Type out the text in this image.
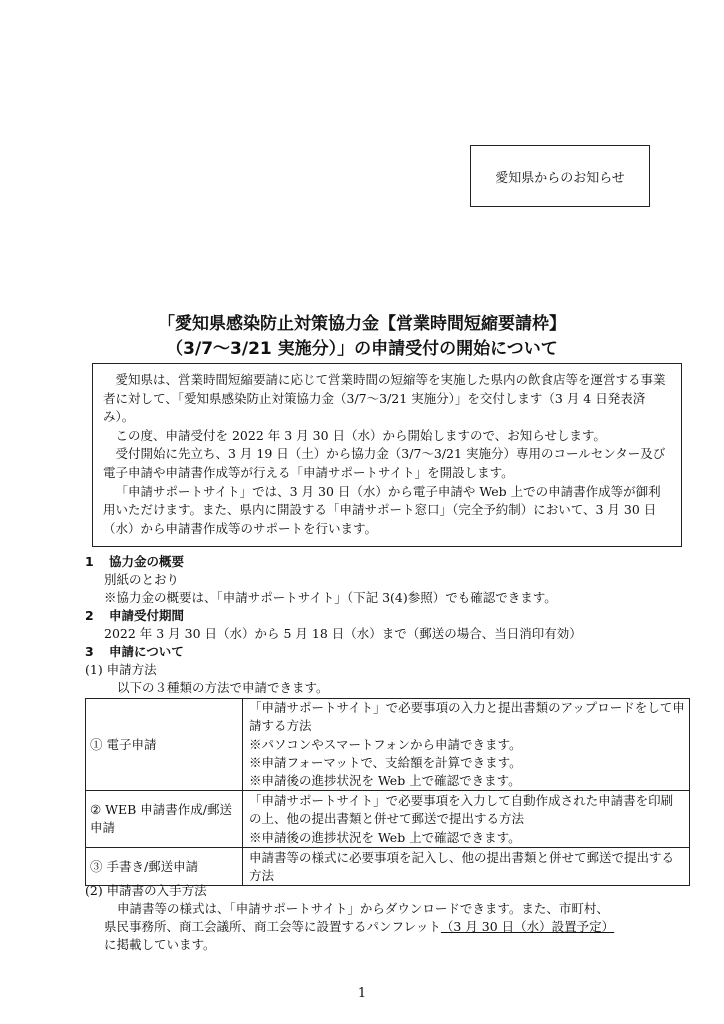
愛知県からのお知らせ
「愛知県感染防止対策協力金【営業時間短縮要請枠】
（3/7〜3/21 実施分）」の申請受付の開始について

愛知県は、営業時間短縮要請に応じて営業時間の短縮等を実施した県内の飲食店等を運営する事業者に対して、「愛知県感染防止対策協力金（3/7〜3/21 実施分）」を交付します（3 月 4 日発表済み）。

この度、申請受付を 2022 年 3 月 30 日（水）から開始しますので、お知らせします。

受付開始に先立ち、3 月 19 日（土）から協力金（3/7〜3/21 実施分）専用のコールセンター及び電子申請や申請書作成等が行える「申請サポートサイト」を開設します。

「申請サポートサイト」では、3 月 30 日（水）から電子申請や Web 上での申請書作成等が御利用いただけます。また、県内に開設する「申請サポート窓口」（完全予約制）において、3 月 30 日（水）から申請書作成等のサポートを行います。

1 協力金の概要
別紙のとおり
※協力金の概要は、「申請サポートサイト」（下記 3(4)参照）でも確認できます。
2 申請受付期間
2022 年 3 月 30 日（水）から 5 月 18 日（水）まで（郵送の場合、当日消印有効）
3 申請について
(1) 申請方法
以下の３種類の方法で申請できます。
① 電子申請	「申請サポートサイト」で必要事項の入力と提出書類のアップロードをして申請する方法
※パソコンやスマートフォンから申請できます。
※申請フォーマットで、支給額を計算できます。
※申請後の進捗状況を Web 上で確認できます。

② WEB 申請書作成/郵送申請	「申請サポートサイト」で必要事項を入力して自動作成された申請書を印刷の上、他の提出書類と併せて郵送で提出する方法
※申請後の進捗状況を Web 上で確認できます。

③ 手書き/郵送申請	申請書等の様式に必要事項を記入し、他の提出書類と併せて郵送で提出する方法
(2) 申請書の入手方法
申請書等の様式は、「申請サポートサイト」からダウンロードできます。また、市町村、
県民事務所、商工会議所、商工会等に設置するパンフレット（3 月 30 日（水）設置予定）
に掲載しています。
1
